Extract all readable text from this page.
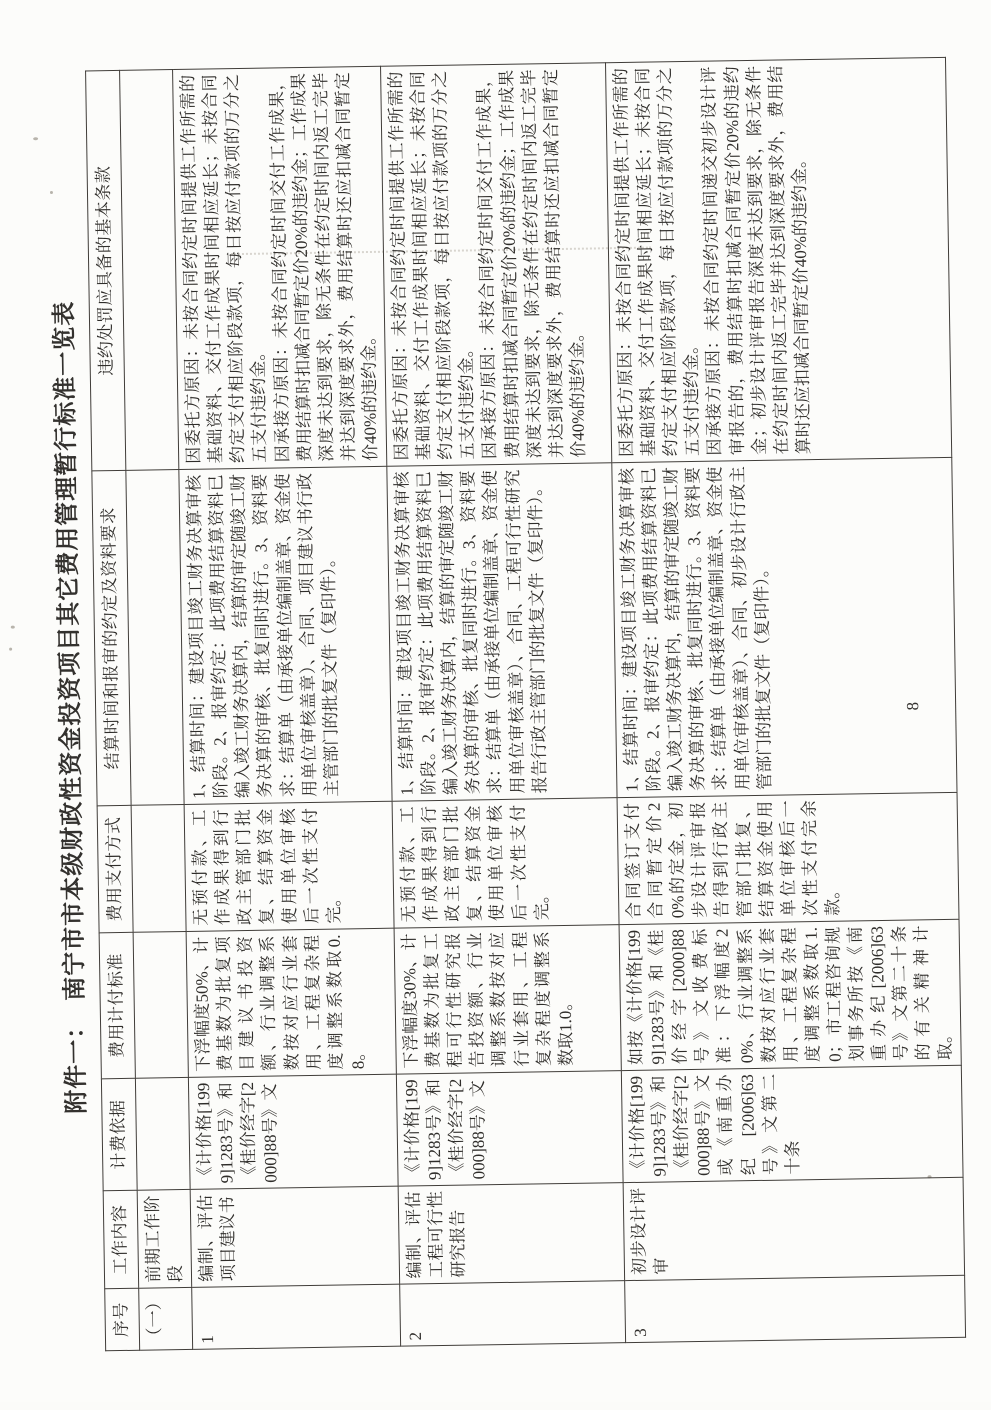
附件一：　南宁市市本级财政性资金投资项目其它费用管理暂行标准一览表
序号	工作内容	计费依据	费用计付标准	费用支付方式	结算时间和报审的约定及资料要求	违约处罚应具备的基本条款
（一）	前期工作阶段					
1	编制、评估项目建议书	《计价格[1999]1283号》和《桂价经字[2000]88号》文	下浮幅度50%、计费基数为批复项目建议书投资额、行业调整系数按对应行业套用、工程复杂程度调整系数取0.8。	无预付款、工作成果得到行政主管部门批复、结算资金使用单位审核后一次性支付完。	1、结算时间：建设项目竣工财务决算审核阶段。2、报审约定：此项费用结算资料已编入竣工财务决算内，结算的审定随竣工财务决算的审核、批复同时进行。3、资料要求：结算单（由承接单位编制盖章、资金使用单位审核盖章）、合同、项目建议书行政主管部门的批复文件（复印件）。	因委托方原因：未按合同约定时间提供工作所需的基础资料、交付工作成果时间相应延长；未按合同约定支付相应阶段款项，每日按应付款项的万分之五支付违约金。

因承接方原因：未按合同约定时间交付工作成果，费用结算时扣减合同暂定价20%的违约金；工作成果深度未达到要求，除无条件在约定时间内返工完毕并达到深度要求外，费用结算时还应扣减合同暂定价40%的违约金。

2	编制、评估工程可行性研究报告	《计价格[1999]1283号》和《桂价经字[2000]88号》文	下浮幅度30%、计费基数为批复工程可行性研究报告投资额、行业调整系数按对应行业套用、工程复杂程度调整系数取1.0。	无预付款、工作成果得到行政主管部门批复、结算资金使用单位审核后一次性支付完。	1、结算时间：建设项目竣工财务决算审核阶段。2、报审约定：此项费用结算资料已编入竣工财务决算内，结算的审定随竣工财务决算的审核、批复同时进行。3、资料要求：结算单（由承接单位编制盖章、资金使用单位审核盖章）、合同、工程可行性研究报告行政主管部门的批复文件（复印件）。	因委托方原因：未按合同约定时间提供工作所需的基础资料、交付工作成果时间相应延长；未按合同约定支付相应阶段款项，每日按应付款项的万分之五支付违约金。

因承接方原因：未按合同约定时间交付工作成果，费用结算时扣减合同暂定价20%的违约金；工作成果深度未达到要求，除无条件在约定时间内返工完毕并达到深度要求外，费用结算时还应扣减合同暂定价40%的违约金。

3	初步设计评审	《计价格[1999]1283号》和《桂价经字[2000]88号》文或《南重办纪[2006]63号》文第二十条	如按《计价格[1999]1283号》和《桂价经字[2000]88号》文收费标准：下浮幅度20%、行业调整系数按对应行业套用、工程复杂程度调整系数取1.0；市工程咨询规划事务所按《南重办纪[2006]63号》文第二十条的有关精神计取。	合同签订支付合同暂定价20%的定金，初步设计评审报告得到行政主管部门批复、结算资金使用单位审核后一次性支付完余款。	1、结算时间：建设项目竣工财务决算审核阶段。2、报审约定：此项费用结算资料已编入竣工财务决算内，结算的审定随竣工财务决算的审核、批复同时进行。3、资料要求：结算单（由承接单位编制盖章、资金使用单位审核盖章）、合同、初步设计行政主管部门的批复文件（复印件）。	因委托方原因：未按合同约定时间提供工作所需的基础资料、交付工作成果时间相应延长；未按合同约定支付相应阶段款项，每日按应付款项的万分之五支付违约金。

因承接方原因：未按合同约定时间递交初步设计评审报告的，费用结算时扣减合同暂定价20%的违约金；初步设计评审报告深度未达到要求，除无条件在约定时间内返工完毕并达到深度要求外，费用结算时还应扣减合同暂定价40%的违约金。

8
